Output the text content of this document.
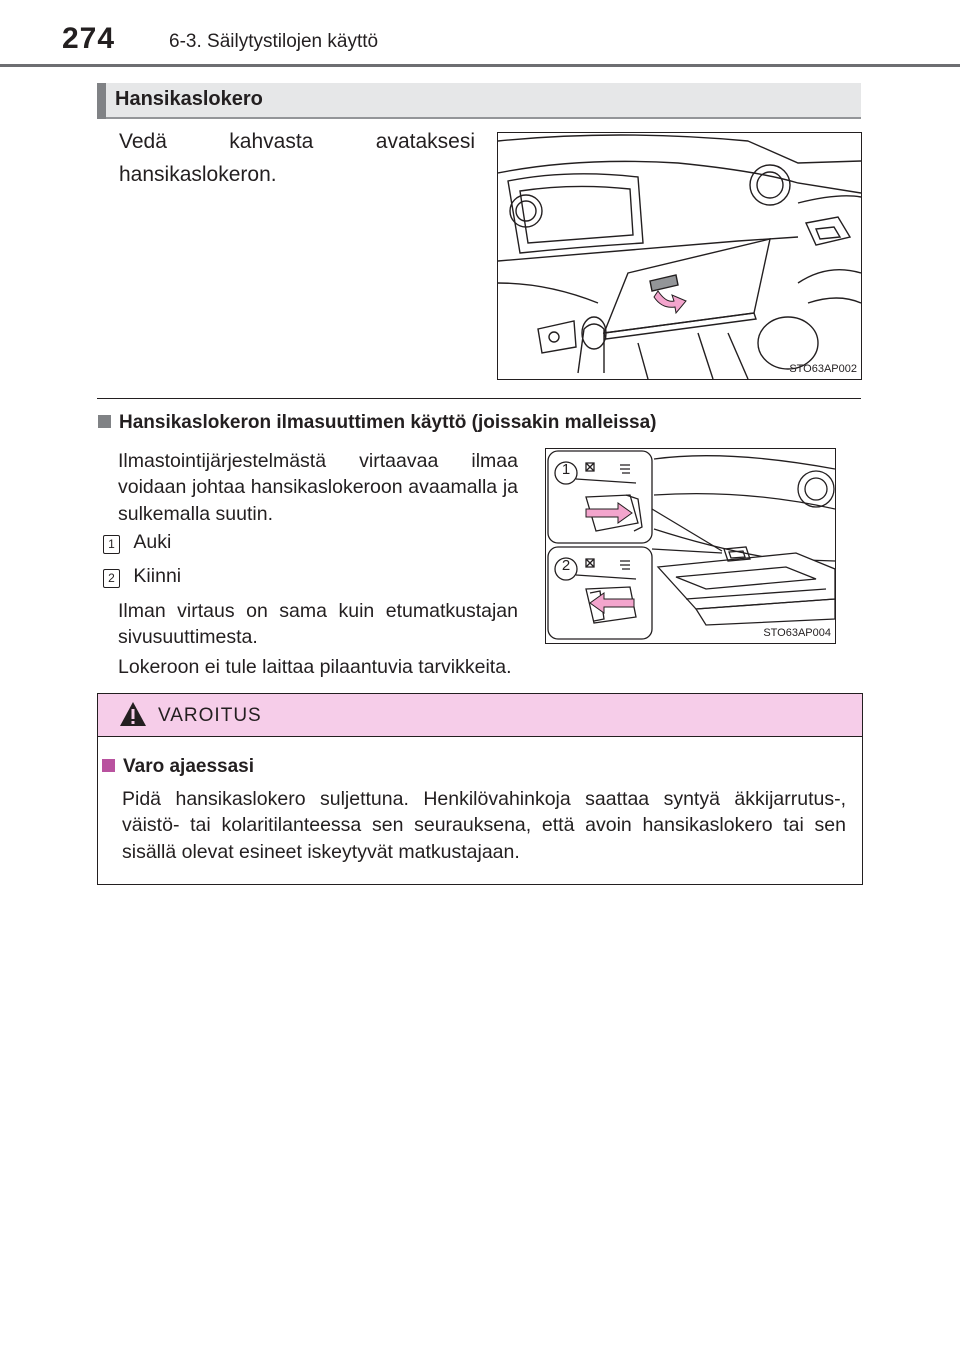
274	6-3. Säilytystilojen käyttö
Hansikaslokero
Vedä kahvasta avataksesi hansikaslokeron.
STO63AP002
Hansikaslokeron ilmasuuttimen käyttö (joissakin malleissa)
Ilmastointijärjestelmästä virtaavaa ilmaa voidaan johtaa hansikaslokeroon avaamalla ja sulkemalla suutin.
1 Auki
2 Kiinni
Ilman virtaus on sama kuin etumatkustajan sivusuuttimesta.
Lokeroon ei tule laittaa pilaantuvia tarvikkeita.
1
2
STO63AP004
VAROITUS
Varo ajaessasi
Pidä hansikaslokero suljettuna. Henkilövahinkoja saattaa syntyä äkkijarrutus-, väistö- tai kolaritilanteessa sen seurauksena, että avoin hansikaslokero tai sen sisällä olevat esineet iskeytyvät matkustajaan.
